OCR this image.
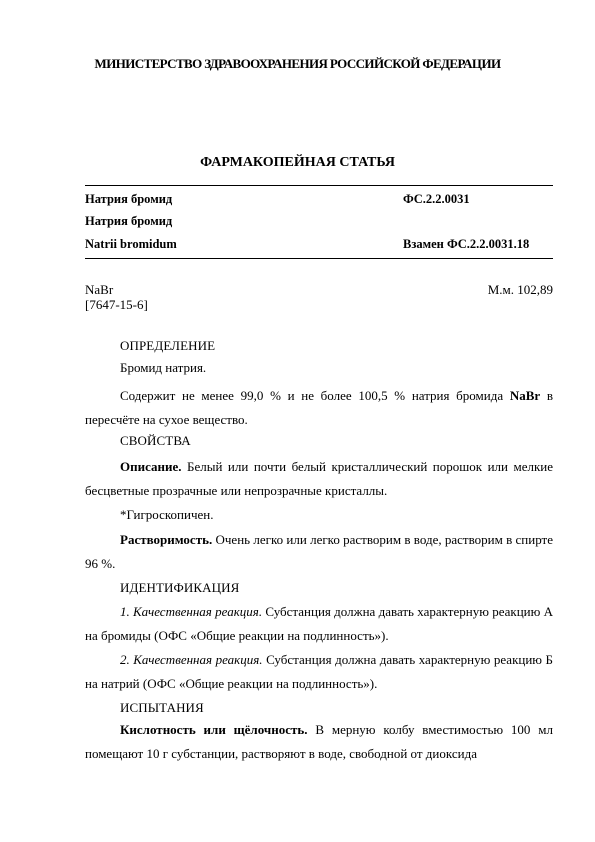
МИНИСТЕРСТВО ЗДРАВООХРАНЕНИЯ РОССИЙСКОЙ ФЕДЕРАЦИИ
ФАРМАКОПЕЙНАЯ СТАТЬЯ
Натрия бромид	ФС.2.2.0031
Натрия бромид
Natrii bromidum	Взамен ФС.2.2.0031.18
NaBr	М.м. 102,89
[7647-15-6]
ОПРЕДЕЛЕНИЕ

Бромид натрия.

Содержит не менее 99,0 % и не более 100,5 % натрия бромида NaBr в пересчёте на сухое вещество.

СВОЙСТВА

Описание. Белый или почти белый кристаллический порошок или мелкие бесцветные прозрачные или непрозрачные кристаллы.

*Гигроскопичен.

Растворимость. Очень легко или легко растворим в воде, растворим в спирте 96 %.

ИДЕНТИФИКАЦИЯ

1. Качественная реакция. Субстанция должна давать характерную реакцию А на бромиды (ОФС «Общие реакции на подлинность»).

2. Качественная реакция. Субстанция должна давать характерную реакцию Б на натрий (ОФС «Общие реакции на подлинность»).

ИСПЫТАНИЯ

Кислотность или щёлочность. В мерную колбу вместимостью 100 мл помещают 10 г субстанции, растворяют в воде, свободной от диоксида
